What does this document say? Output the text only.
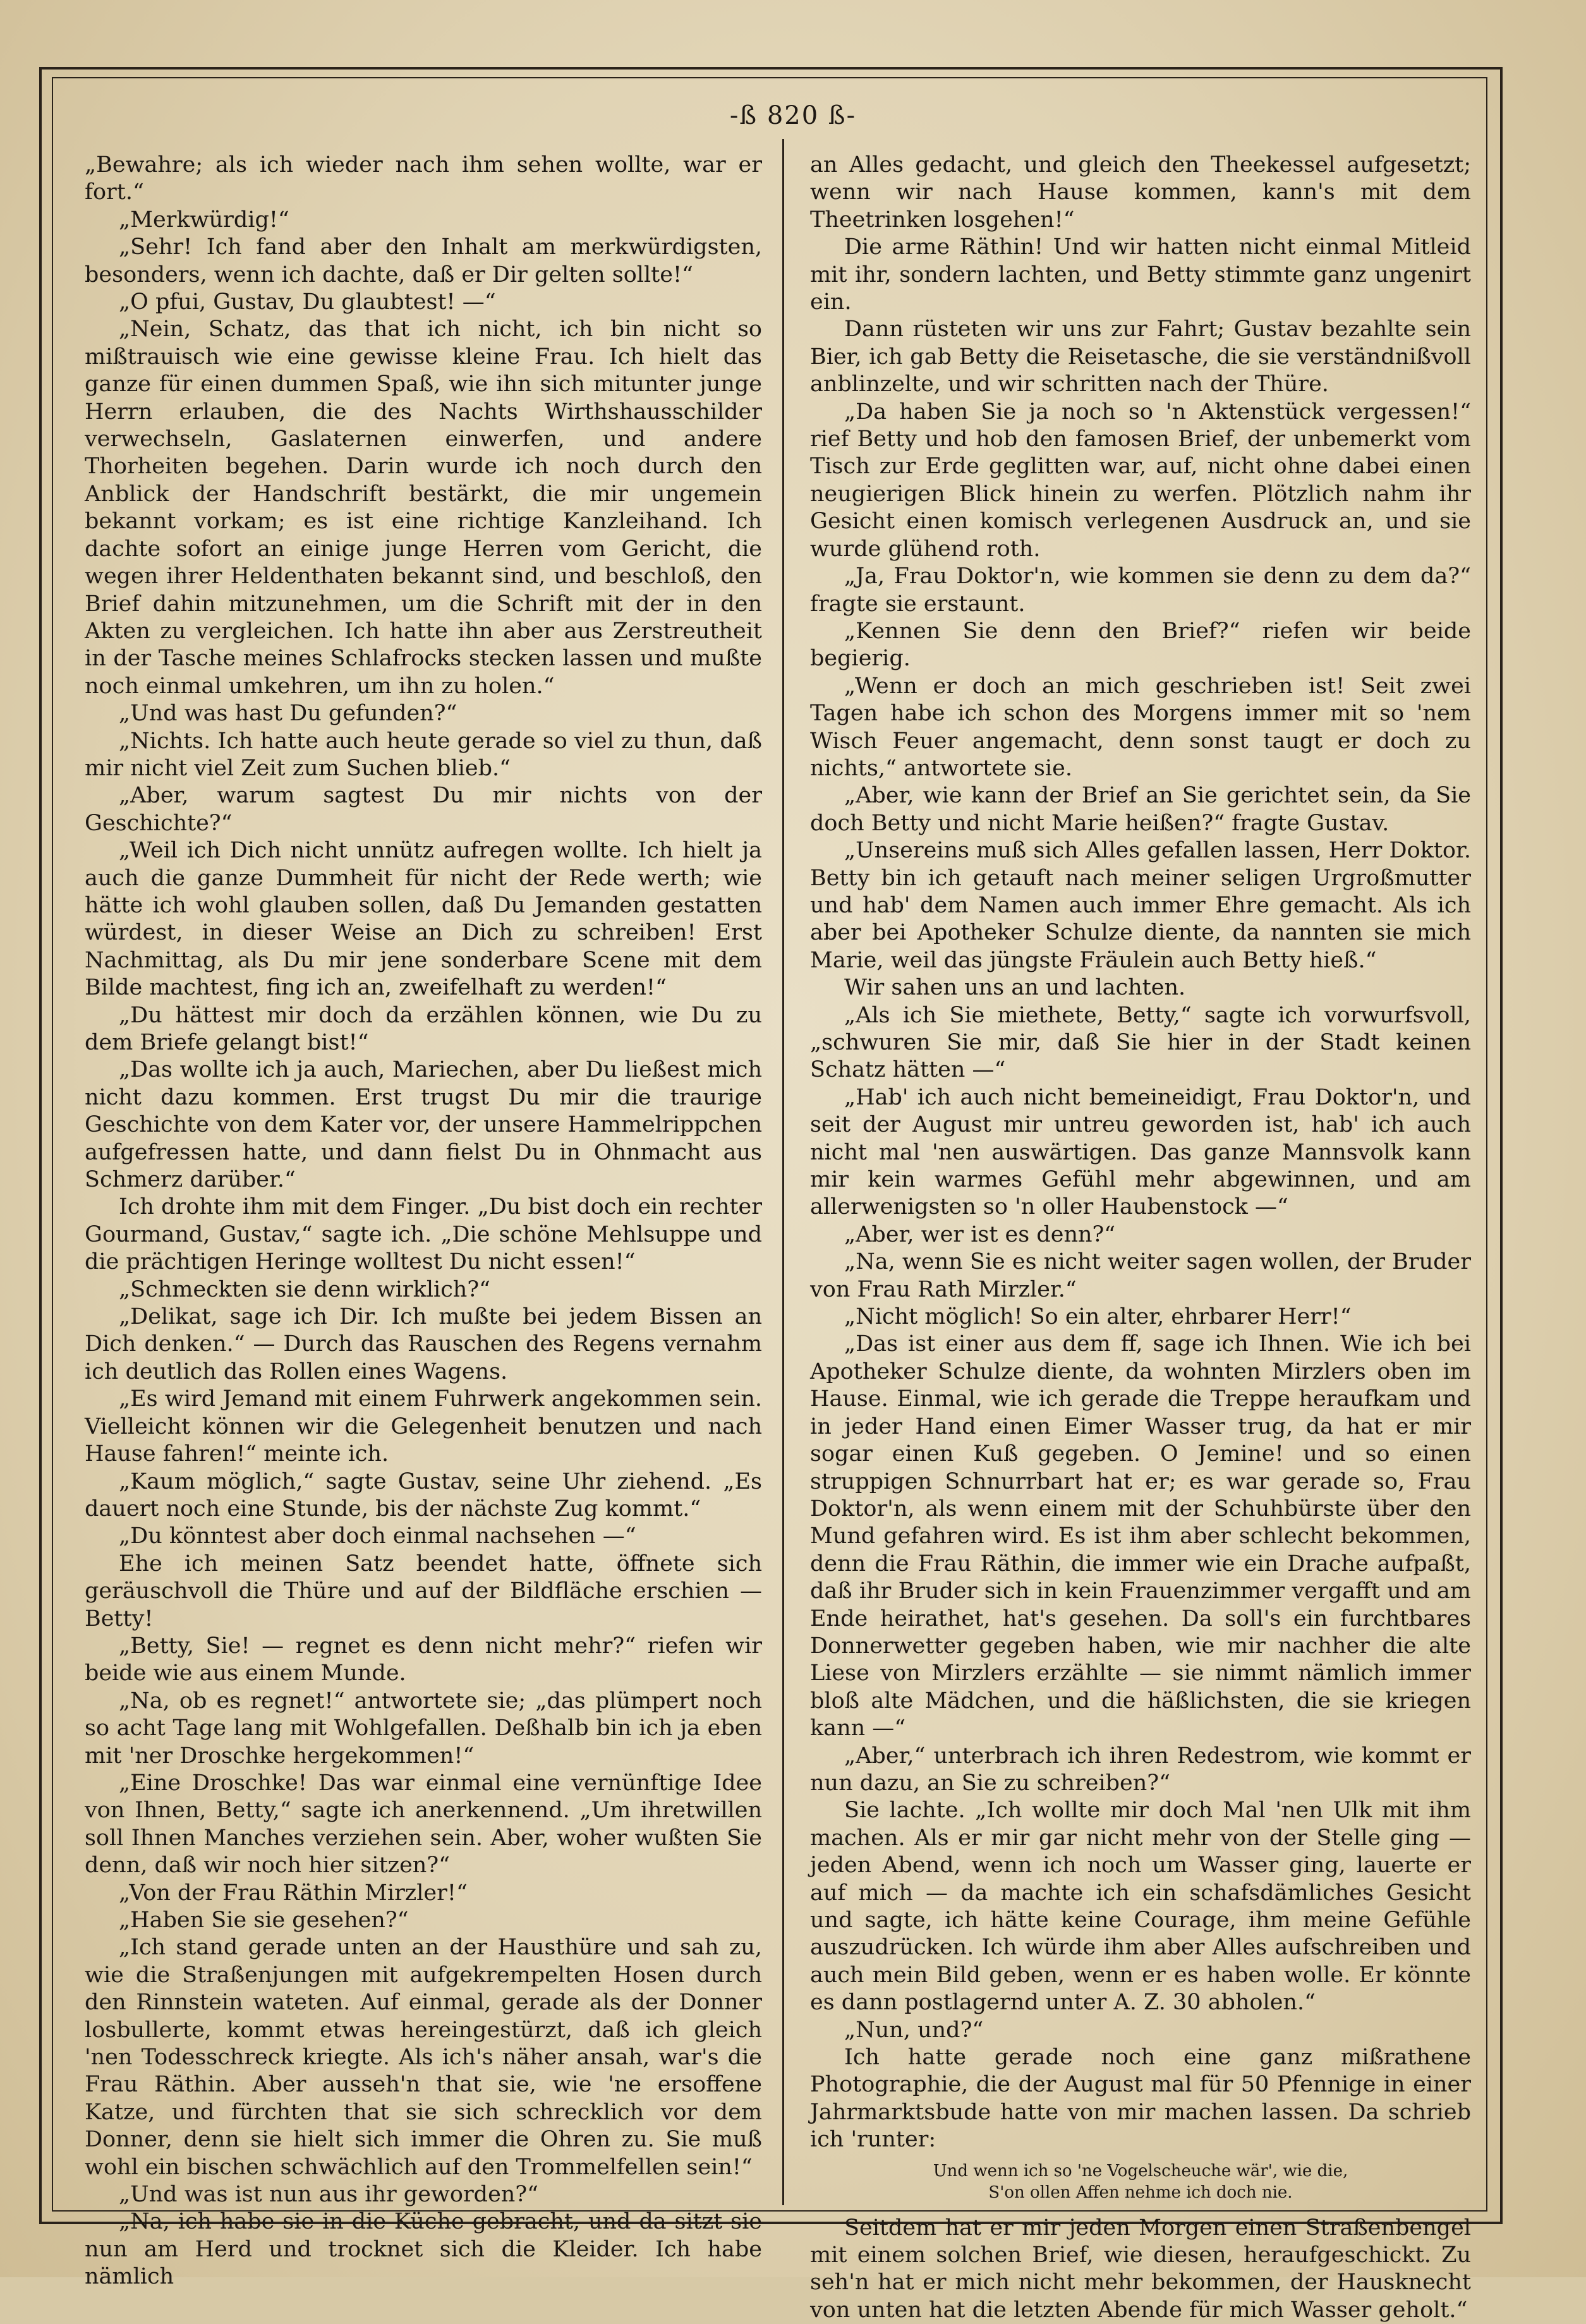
-ß 820 ß-

„Bewahre; als ich wieder nach ihm sehen wollte, war er fort.“

„Merkwürdig!“

„Sehr! Ich fand aber den Inhalt am merkwürdigsten, besonders, wenn ich dachte, daß er Dir gelten sollte!“

„O pfui, Gustav, Du glaubtest! —“

„Nein, Schatz, das that ich nicht, ich bin nicht so mißtrauisch wie eine gewisse kleine Frau. Ich hielt das ganze für einen dummen Spaß, wie ihn sich mitunter junge Herrn erlauben, die des Nachts Wirthshausschilder verwechseln, Gaslaternen einwerfen, und andere Thorheiten begehen. Darin wurde ich noch durch den Anblick der Handschrift bestärkt, die mir ungemein bekannt vorkam; es ist eine richtige Kanzleihand. Ich dachte sofort an einige junge Herren vom Gericht, die wegen ihrer Heldenthaten bekannt sind, und beschloß, den Brief dahin mitzunehmen, um die Schrift mit der in den Akten zu vergleichen. Ich hatte ihn aber aus Zerstreutheit in der Tasche meines Schlafrocks stecken lassen und mußte noch einmal umkehren, um ihn zu holen.“

„Und was hast Du gefunden?“

„Nichts. Ich hatte auch heute gerade so viel zu thun, daß mir nicht viel Zeit zum Suchen blieb.“

„Aber, warum sagtest Du mir nichts von der Geschichte?“

„Weil ich Dich nicht unnütz aufregen wollte. Ich hielt ja auch die ganze Dummheit für nicht der Rede werth; wie hätte ich wohl glauben sollen, daß Du Jemanden gestatten würdest, in dieser Weise an Dich zu schreiben! Erst Nachmittag, als Du mir jene sonderbare Scene mit dem Bilde machtest, fing ich an, zweifelhaft zu werden!“

„Du hättest mir doch da erzählen können, wie Du zu dem Briefe gelangt bist!“

„Das wollte ich ja auch, Mariechen, aber Du ließest mich nicht dazu kommen. Erst trugst Du mir die traurige Geschichte von dem Kater vor, der unsere Hammelrippchen aufgefressen hatte, und dann fielst Du in Ohnmacht aus Schmerz darüber.“

Ich drohte ihm mit dem Finger. „Du bist doch ein rechter Gourmand, Gustav,“ sagte ich. „Die schöne Mehlsuppe und die prächtigen Heringe wolltest Du nicht essen!“

„Schmeckten sie denn wirklich?“

„Delikat, sage ich Dir. Ich mußte bei jedem Bissen an Dich denken.“ — Durch das Rauschen des Regens vernahm ich deutlich das Rollen eines Wagens.

„Es wird Jemand mit einem Fuhrwerk angekommen sein. Vielleicht können wir die Gelegenheit benutzen und nach Hause fahren!“ meinte ich.

„Kaum möglich,“ sagte Gustav, seine Uhr ziehend. „Es dauert noch eine Stunde, bis der nächste Zug kommt.“

„Du könntest aber doch einmal nachsehen —“

Ehe ich meinen Satz beendet hatte, öffnete sich geräuschvoll die Thüre und auf der Bildfläche erschien — Betty!

„Betty, Sie! — regnet es denn nicht mehr?“ riefen wir beide wie aus einem Munde.

„Na, ob es regnet!“ antwortete sie; „das plümpert noch so acht Tage lang mit Wohlgefallen. Deßhalb bin ich ja eben mit 'ner Droschke hergekommen!“

„Eine Droschke! Das war einmal eine vernünftige Idee von Ihnen, Betty,“ sagte ich anerkennend. „Um ihretwillen soll Ihnen Manches verziehen sein. Aber, woher wußten Sie denn, daß wir noch hier sitzen?“

„Von der Frau Räthin Mirzler!“

„Haben Sie sie gesehen?“

„Ich stand gerade unten an der Hausthüre und sah zu, wie die Straßenjungen mit aufgekrempelten Hosen durch den Rinnstein wateten. Auf einmal, gerade als der Donner losbullerte, kommt etwas hereingestürzt, daß ich gleich 'nen Todesschreck kriegte. Als ich's näher ansah, war's die Frau Räthin. Aber ausseh'n that sie, wie 'ne ersoffene Katze, und fürchten that sie sich schrecklich vor dem Donner, denn sie hielt sich immer die Ohren zu. Sie muß wohl ein bischen schwächlich auf den Trommelfellen sein!“

„Und was ist nun aus ihr geworden?“

„Na, ich habe sie in die Küche gebracht, und da sitzt sie nun am Herd und trocknet sich die Kleider. Ich habe nämlich

an Alles gedacht, und gleich den Theekessel aufgesetzt; wenn wir nach Hause kommen, kann's mit dem Theetrinken losgehen!“

Die arme Räthin! Und wir hatten nicht einmal Mitleid mit ihr, sondern lachten, und Betty stimmte ganz ungenirt ein.

Dann rüsteten wir uns zur Fahrt; Gustav bezahlte sein Bier, ich gab Betty die Reisetasche, die sie verständnißvoll anblinzelte, und wir schritten nach der Thüre.

„Da haben Sie ja noch so 'n Aktenstück vergessen!“ rief Betty und hob den famosen Brief, der unbemerkt vom Tisch zur Erde geglitten war, auf, nicht ohne dabei einen neugierigen Blick hinein zu werfen. Plötzlich nahm ihr Gesicht einen komisch verlegenen Ausdruck an, und sie wurde glühend roth.

„Ja, Frau Doktor'n, wie kommen sie denn zu dem da?“ fragte sie erstaunt.

„Kennen Sie denn den Brief?“ riefen wir beide begierig.

„Wenn er doch an mich geschrieben ist! Seit zwei Tagen habe ich schon des Morgens immer mit so 'nem Wisch Feuer angemacht, denn sonst taugt er doch zu nichts,“ antwortete sie.

„Aber, wie kann der Brief an Sie gerichtet sein, da Sie doch Betty und nicht Marie heißen?“ fragte Gustav.

„Unsereins muß sich Alles gefallen lassen, Herr Doktor. Betty bin ich getauft nach meiner seligen Urgroßmutter und hab' dem Namen auch immer Ehre gemacht. Als ich aber bei Apotheker Schulze diente, da nannten sie mich Marie, weil das jüngste Fräulein auch Betty hieß.“

Wir sahen uns an und lachten.

„Als ich Sie miethete, Betty,“ sagte ich vorwurfsvoll, „schwuren Sie mir, daß Sie hier in der Stadt keinen Schatz hätten —“

„Hab' ich auch nicht bemeineidigt, Frau Doktor'n, und seit der August mir untreu geworden ist, hab' ich auch nicht mal 'nen auswärtigen. Das ganze Mannsvolk kann mir kein warmes Gefühl mehr abgewinnen, und am allerwenigsten so 'n oller Haubenstock —“

„Aber, wer ist es denn?“

„Na, wenn Sie es nicht weiter sagen wollen, der Bruder von Frau Rath Mirzler.“

„Nicht möglich! So ein alter, ehrbarer Herr!“

„Das ist einer aus dem ff, sage ich Ihnen. Wie ich bei Apotheker Schulze diente, da wohnten Mirzlers oben im Hause. Einmal, wie ich gerade die Treppe heraufkam und in jeder Hand einen Eimer Wasser trug, da hat er mir sogar einen Kuß gegeben. O Jemine! und so einen struppigen Schnurrbart hat er; es war gerade so, Frau Doktor'n, als wenn einem mit der Schuhbürste über den Mund gefahren wird. Es ist ihm aber schlecht bekommen, denn die Frau Räthin, die immer wie ein Drache aufpaßt, daß ihr Bruder sich in kein Frauenzimmer vergafft und am Ende heirathet, hat's gesehen. Da soll's ein furchtbares Donnerwetter gegeben haben, wie mir nachher die alte Liese von Mirzlers erzählte — sie nimmt nämlich immer bloß alte Mädchen, und die häßlichsten, die sie kriegen kann —“

„Aber,“ unterbrach ich ihren Redestrom, wie kommt er nun dazu, an Sie zu schreiben?“

Sie lachte. „Ich wollte mir doch Mal 'nen Ulk mit ihm machen. Als er mir gar nicht mehr von der Stelle ging — jeden Abend, wenn ich noch um Wasser ging, lauerte er auf mich — da machte ich ein schafsdämliches Gesicht und sagte, ich hätte keine Courage, ihm meine Gefühle auszudrücken. Ich würde ihm aber Alles aufschreiben und auch mein Bild geben, wenn er es haben wolle. Er könnte es dann postlagernd unter A. Z. 30 abholen.“

„Nun, und?“

Ich hatte gerade noch eine ganz mißrathene Photographie, die der August mal für 50 Pfennige in einer Jahrmarktsbude hatte von mir machen lassen. Da schrieb ich 'runter:

Und wenn ich so 'ne Vogelscheuche wär', wie die,
S'on ollen Affen nehme ich doch nie.

Seitdem hat er mir jeden Morgen einen Straßenbengel mit einem solchen Brief, wie diesen, heraufgeschickt. Zu seh'n hat er mich nicht mehr bekommen, der Hausknecht von unten hat die letzten Abende für mich Wasser geholt.“
